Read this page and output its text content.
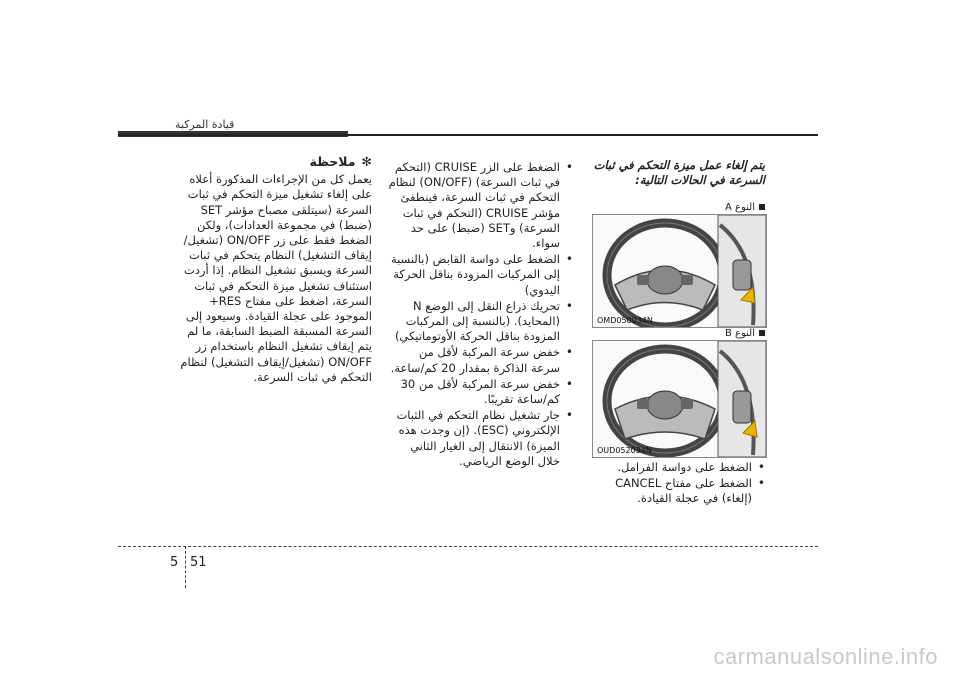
قيادة المركبة

✻ملاحظة

يعمل كل من الإجراءات المذكورة أعلاه على إلغاء تشغيل ميزة التحكم في ثبات السرعة (سيتلقى مصباح مؤشر SET (ضبط) في مجموعة العدادات)، ولكن الضغط فقط على زر ON/OFF (تشغيل/إيقاف التشغيل) النظام يتحكم في ثبات السرعة ويسبق تشغيل النظام. إذا أردت استئناف تشغيل ميزة التحكم في ثبات السرعة، اضغط على مفتاح RES+ الموجود على عجلة القيادة. وسيعود إلى السرعة المسبقة الضبط السابقة، ما لم يتم إيقاف تشغيل النظام باستخدام زر ON/OFF (تشغيل/إيقاف التشغيل) لنظام التحكم في ثبات السرعة.

• الضغط على الزر CRUISE (التحكم في ثبات السرعة) (ON/OFF) لنظام التحكم في ثبات السرعة، فينطفئ مؤشر CRUISE (التحكم في ثبات السرعة) وSET (ضبط) على حد سواء.
• الضغط على دواسة القابض (بالنسبة إلى المركبات المزودة بناقل الحركة اليدوي)
• تحريك ذراع النقل إلى الوضع N (المحايد). (بالنسبة إلى المركبات المزودة بناقل الحركة الأوتوماتيكي)
• خفض سرعة المركبة لأقل من سرعة الذاكرة بمقدار 20 كم/ساعة.
• خفض سرعة المركبة لأقل من 30 كم/ساعة تقريبًا.
• جار تشغيل نظام التحكم في الثبات الإلكتروني (ESC). (إن وجدت هذه الميزة) الانتقال إلى الغيار الثاني خلال الوضع الرياضي.

يتم إلغاء عمل ميزة التحكم في ثبات السرعة في الحالات التالية:

النوع A
OMD050034N
النوع B
OUD052034N
• الضغط على دواسة الفرامل.
• الضغط على مفتاح CANCEL (إلغاء) في عجلة القيادة.
5 51
carmanualsonline.info
